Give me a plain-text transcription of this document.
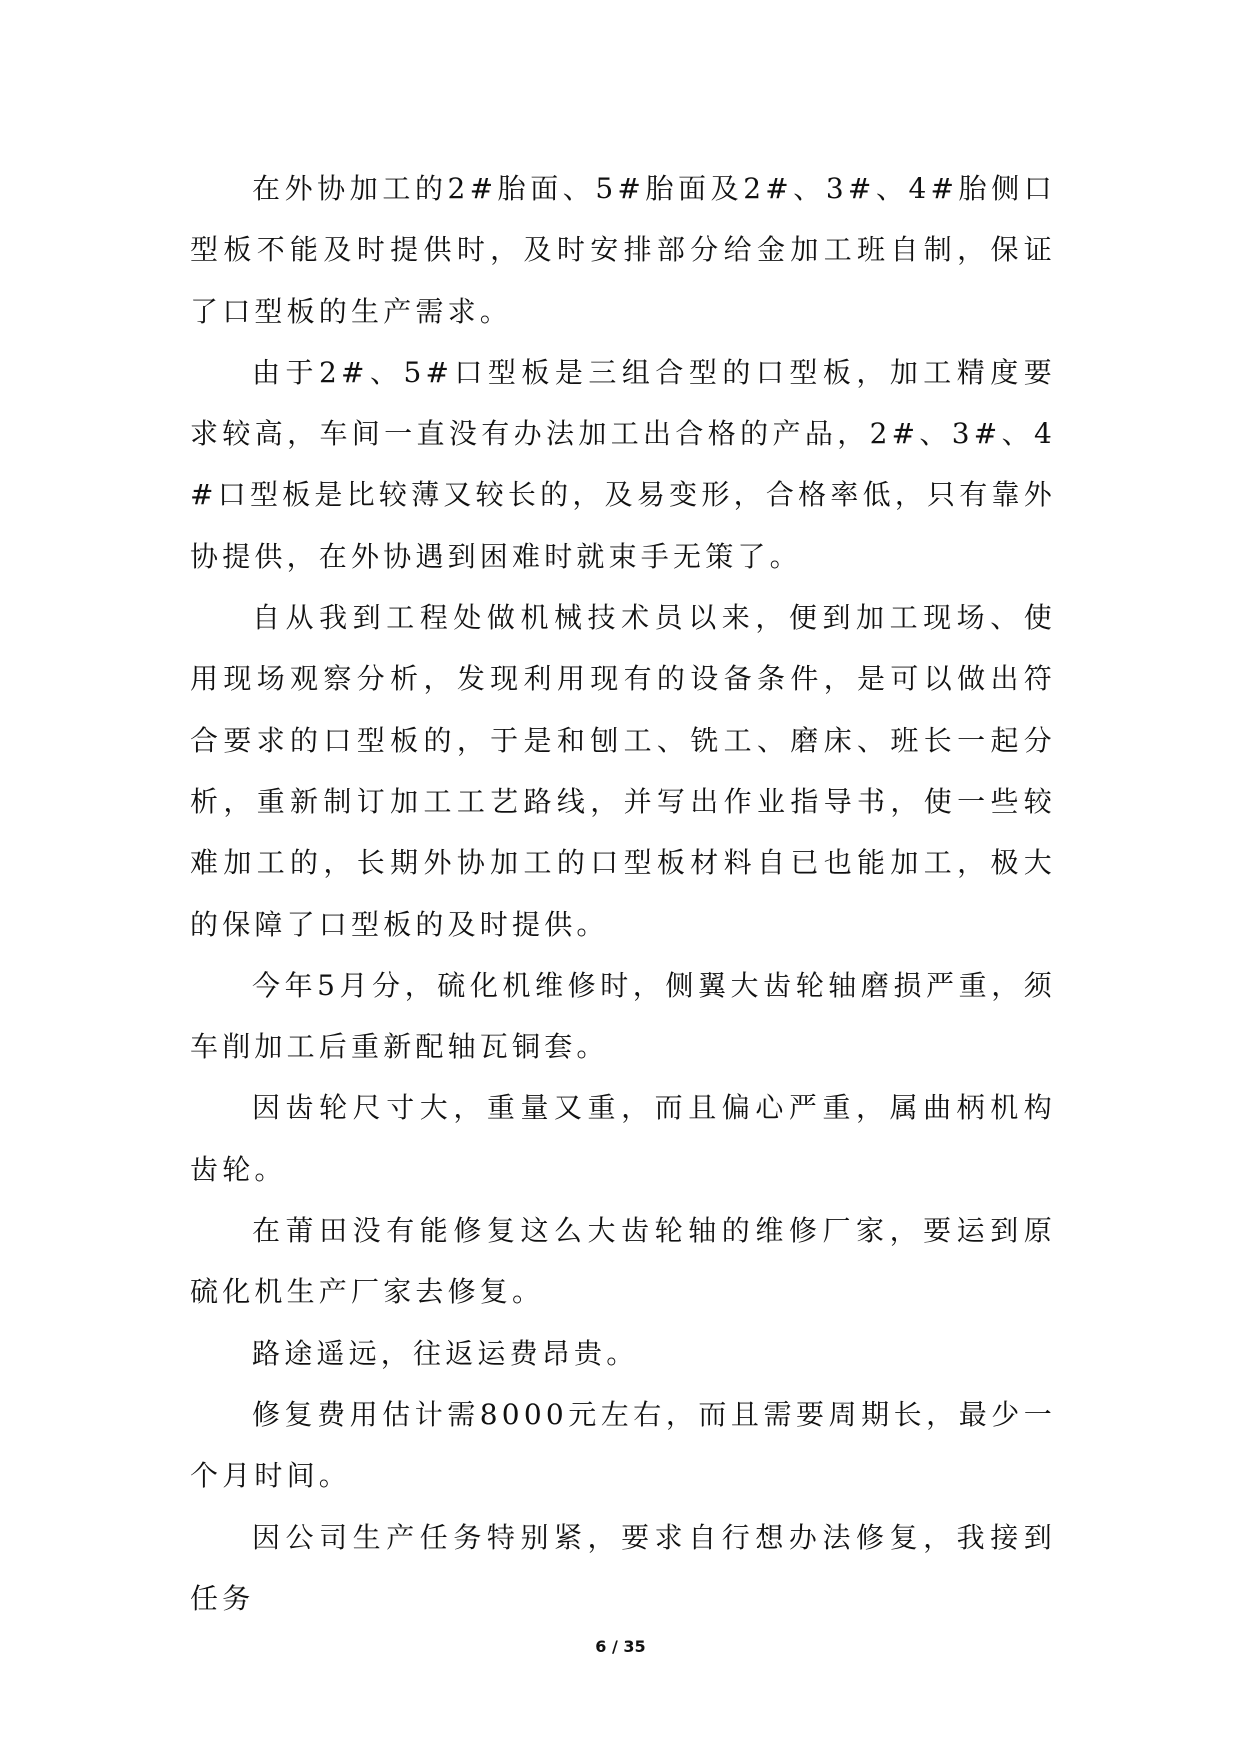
在外协加工的2#胎面、5#胎面及2#、3#、4#胎侧口型板不能及时提供时，及时安排部分给金加工班自制，保证了口型板的生产需求。

由于2#、5#口型板是三组合型的口型板，加工精度要求较高，车间一直没有办法加工出合格的产品，2#、3#、4#口型板是比较薄又较长的，及易变形，合格率低，只有靠外协提供，在外协遇到困难时就束手无策了。

自从我到工程处做机械技术员以来，便到加工现场、使用现场观察分析，发现利用现有的设备条件，是可以做出符合要求的口型板的，于是和刨工、铣工、磨床、班长一起分析，重新制订加工工艺路线，并写出作业指导书，使一些较难加工的，长期外协加工的口型板材料自已也能加工，极大的保障了口型板的及时提供。

今年5月分，硫化机维修时，侧翼大齿轮轴磨损严重，须车削加工后重新配轴瓦铜套。

因齿轮尺寸大，重量又重，而且偏心严重，属曲柄机构齿轮。

在莆田没有能修复这么大齿轮轴的维修厂家，要运到原硫化机生产厂家去修复。

路途遥远，往返运费昂贵。

修复费用估计需8000元左右，而且需要周期长，最少一个月时间。

因公司生产任务特别紧，要求自行想办法修复，我接到任务

6 / 35
